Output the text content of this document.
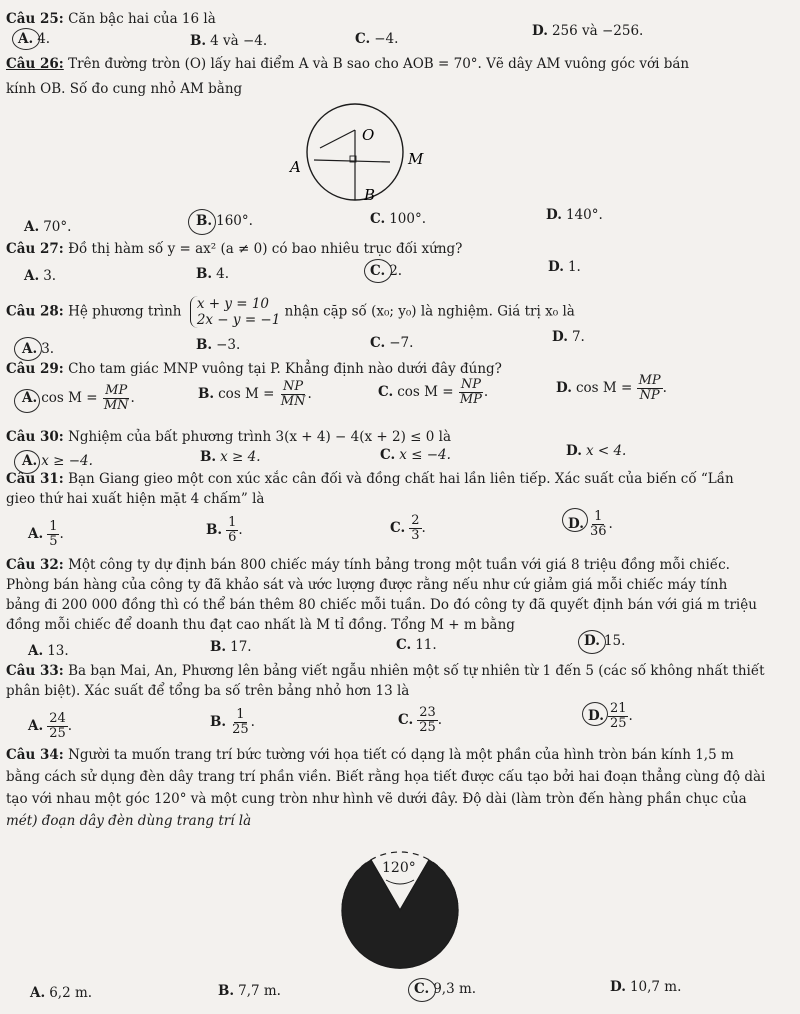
Câu 25: Căn bậc hai của 16 là
A. 4.	B. 4 và −4.	C. −4.	D. 256 và −256.
Câu 26: Trên đường tròn (O) lấy hai điểm A và B sao cho AOB = 70°. Vẽ dây AM vuông góc với bán
kính OB. Số đo cung nhỏ AM bằng
O
A	M
B
A. 70°.	B. 160°.	C. 100°.	D. 140°.
Câu 27: Đồ thị hàm số y = ax² (a ≠ 0) có bao nhiêu trục đối xứng?
A. 3.	B. 4.	C. 2.	D. 1.
Câu 28: Hệ phương trình x + y = 10
2x − y = −1
nhận cặp số (x₀; y₀) là nghiệm. Giá trị x₀ là
A. 3.	B. −3.	C. −7.	D. 7.
Câu 29: Cho tam giác MNP vuông tại P. Khẳng định nào dưới đây đúng?
A. $\cos M = \frac{MP}{MN}$ .	B. $\cos M = \frac{NP}{MN}$ .	C. $\cos M = \frac{NP}{MP}$ .	D. $\cos M = \frac{MP}{NP}$ .
Câu 30: Nghiệm của bất phương trình 3(x + 4) − 4(x + 2) ≤ 0 là
A. x ≥ −4.	B. x ≥ 4.	C. x ≤ −4.	D. x < 4.
Câu 31: Bạn Giang gieo một con xúc xắc cân đối và đồng chất hai lần liên tiếp. Xác suất của biến cố “Lần
gieo thứ hai xuất hiện mặt 4 chấm” là
A. $\frac{1}{5}$ .	B. $\frac{1}{6}$ .	C. $\frac{2}{3}$ .	D. $\frac{1}{36}$ .
Câu 32: Một công ty dự định bán 800 chiếc máy tính bảng trong một tuần với giá 8 triệu đồng mỗi chiếc.
Phòng bán hàng của công ty đã khảo sát và ước lượng được rằng nếu như cứ giảm giá mỗi chiếc máy tính
bảng đi 200 000 đồng thì có thể bán thêm 80 chiếc mỗi tuần. Do đó công ty đã quyết định bán với giá m triệu
đồng mỗi chiếc để doanh thu đạt cao nhất là M tỉ đồng. Tổng M + m bằng
A. 13.	B. 17.	C. 11.	D. 15.
Câu 33: Ba bạn Mai, An, Phương lên bảng viết ngẫu nhiên một số tự nhiên từ 1 đến 5 (các số không nhất thiết
phân biệt). Xác suất để tổng ba số trên bảng nhỏ hơn 13 là
A. $\frac{24}{25}$ .	B. $\frac{1}{25}$ .	C. $\frac{23}{25}$ .	D. $\frac{21}{25}$ .
Câu 34: Người ta muốn trang trí bức tường với họa tiết có dạng là một phần của hình tròn bán kính 1,5 m
bằng cách sử dụng đèn dây trang trí phần viền. Biết rằng họa tiết được cấu tạo bởi hai đoạn thẳng cùng độ dài
tạo với nhau một góc 120° và một cung tròn như hình vẽ dưới đây. Độ dài (làm tròn đến hàng phần chục của
mét) đoạn dây đèn dùng trang trí là
120°
A. 6,2 m.	B. 7,7 m.	C. 9,3 m.	D. 10,7 m.
